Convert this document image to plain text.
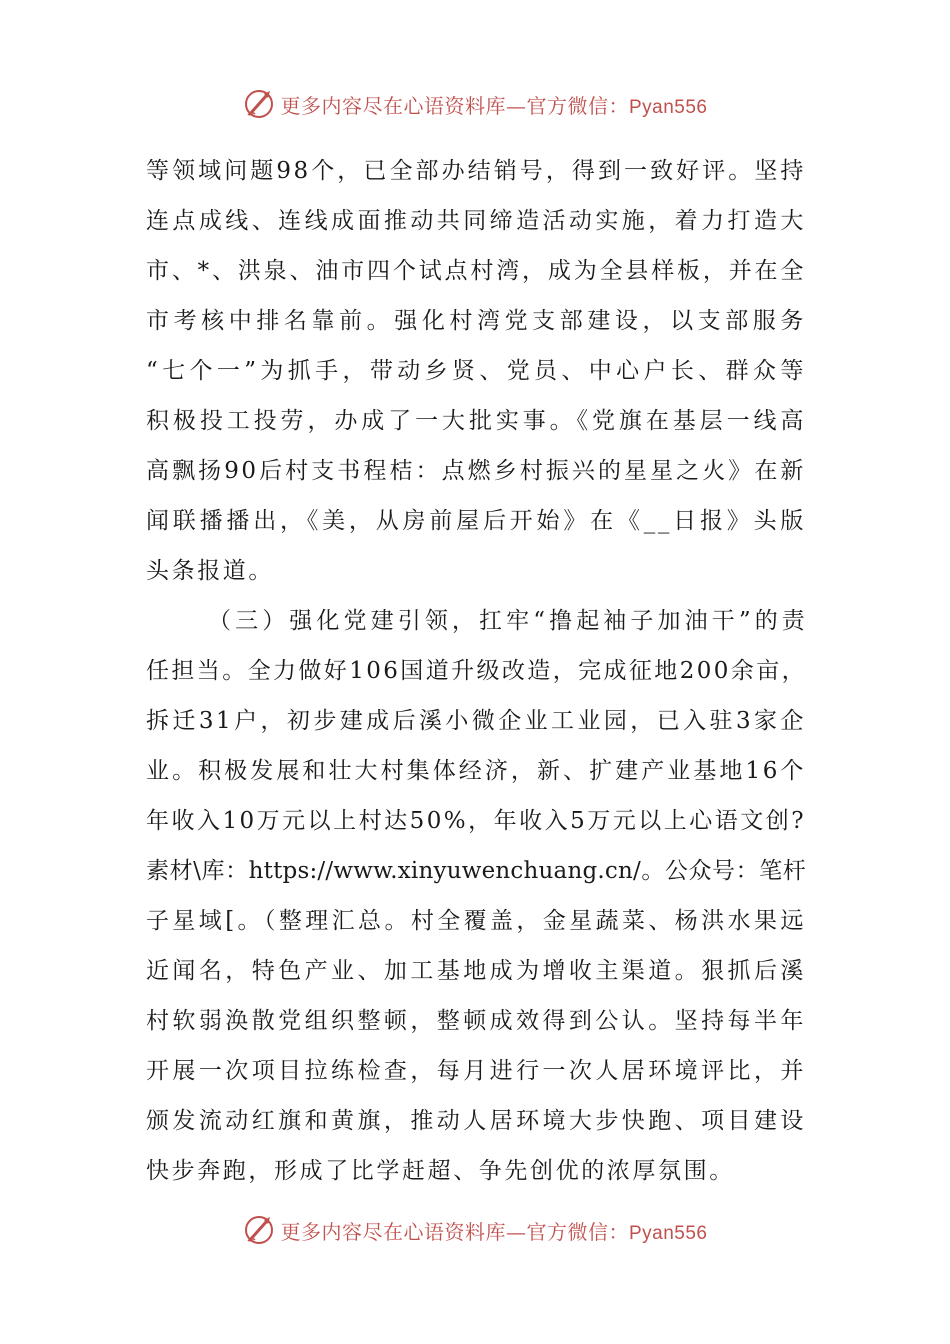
更多内容尽在心语资料库—官方微信：Pyan556

等领域问题98个，已全部办结销号，得到一致好评。坚持
连点成线、连线成面推动共同缔造活动实施，着力打造大
市、*、洪泉、油市四个试点村湾，成为全县样板，并在全
市考核中排名靠前。强化村湾党支部建设，以支部服务
“七个一”为抓手，带动乡贤、党员、中心户长、群众等
积极投工投劳，办成了一大批实事。《党旗在基层一线高
高飘扬90后村支书程桔：点燃乡村振兴的星星之火》在新
闻联播播出，《美，从房前屋后开始》在《__日报》头版
头条报道。

（三）强化党建引领，扛牢“撸起袖子加油干”的责
任担当。全力做好106国道升级改造，完成征地200余亩，
拆迁31户，初步建成后溪小微企业工业园，已入驻3家企
业。积极发展和壮大村集体经济，新、扩建产业基地16个
年收入10万元以上村达50%，年收入5万元以上心语文创?
素材\库：https://www.xinyuwenchuang.cn/。公众号：笔杆
子星域[。（整理汇总。村全覆盖，金星蔬菜、杨洪水果远
近闻名，特色产业、加工基地成为增收主渠道。狠抓后溪
村软弱涣散党组织整顿，整顿成效得到公认。坚持每半年
开展一次项目拉练检查，每月进行一次人居环境评比，并
颁发流动红旗和黄旗，推动人居环境大步快跑、项目建设
快步奔跑，形成了比学赶超、争先创优的浓厚氛围。

更多内容尽在心语资料库—官方微信：Pyan556
